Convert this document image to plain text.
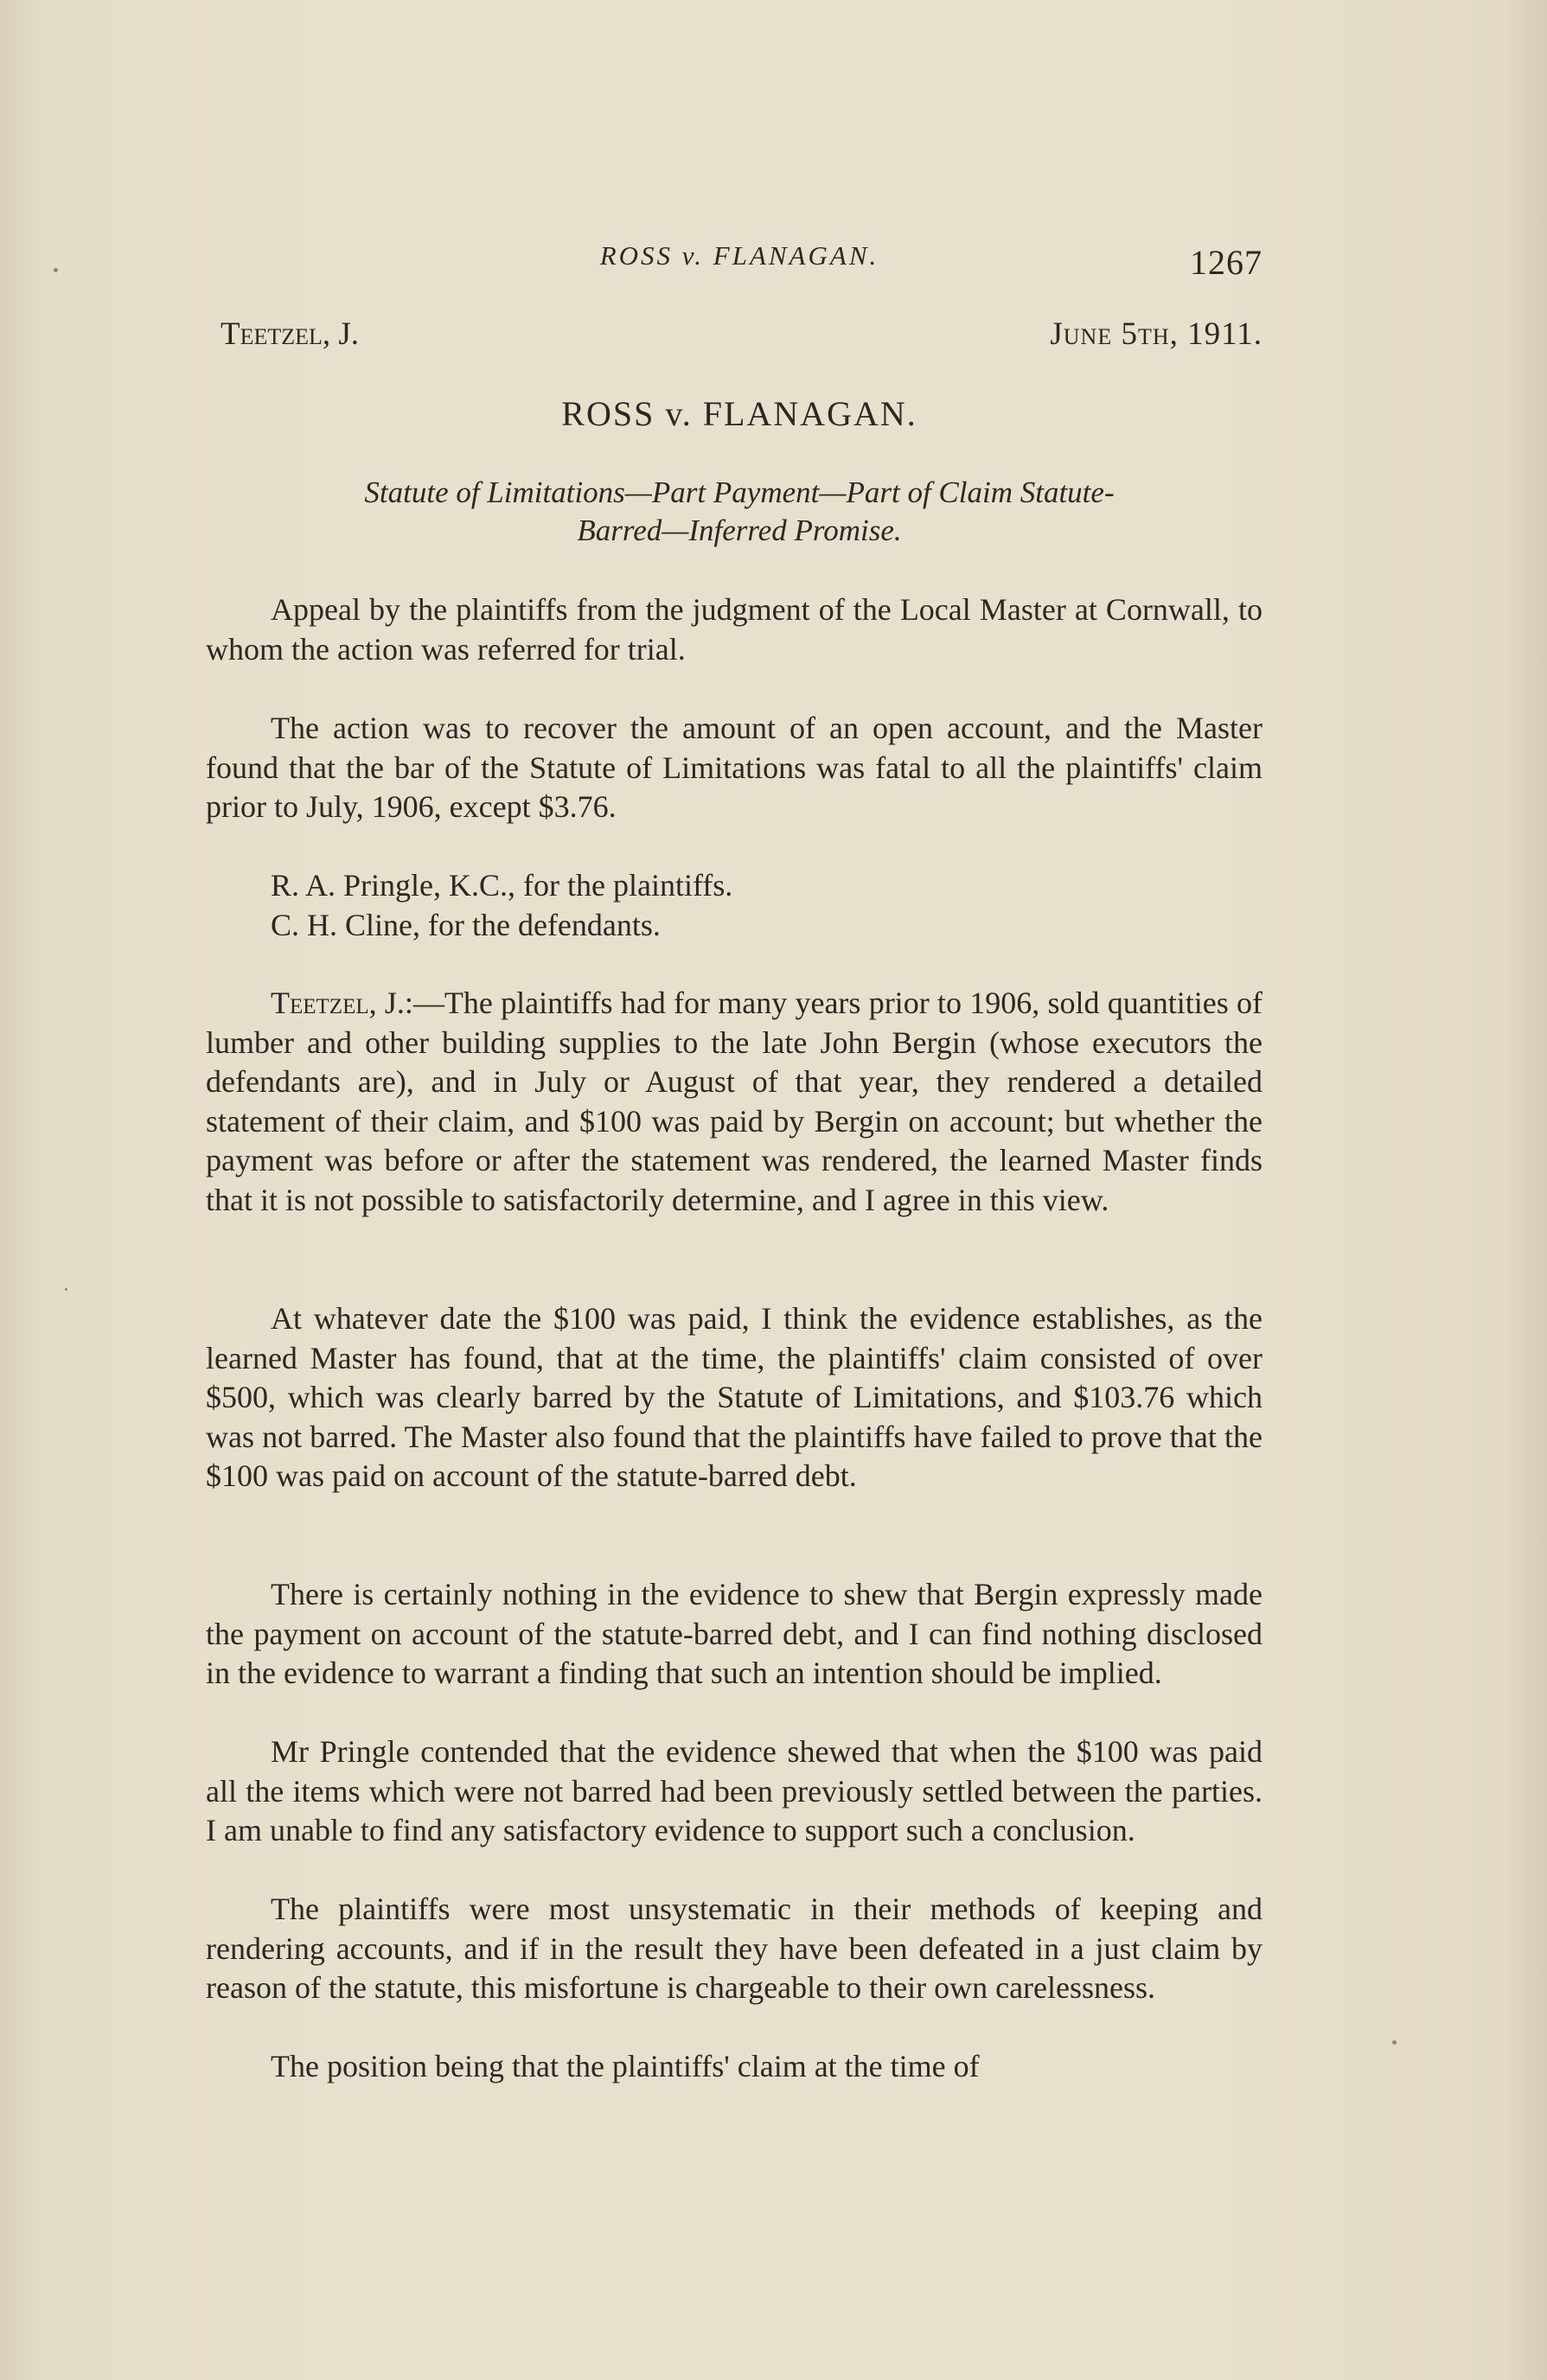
ROSS v. FLANAGAN.	1267
Teetzel, J.	June 5th, 1911.
ROSS v. FLANAGAN.
Statute of Limitations—Part Payment—Part of Claim Statute-
Barred—Inferred Promise.

Appeal by the plaintiffs from the judgment of the Local Master at Cornwall, to whom the action was referred for trial.

The action was to recover the amount of an open account, and the Master found that the bar of the Statute of Limitations was fatal to all the plaintiffs' claim prior to July, 1906, except $3.76.

R. A. Pringle, K.C., for the plaintiffs.

C. H. Cline, for the defendants.

Teetzel, J.:—The plaintiffs had for many years prior to 1906, sold quantities of lumber and other building supplies to the late John Bergin (whose executors the defendants are), and in July or August of that year, they rendered a detailed statement of their claim, and $100 was paid by Bergin on account; but whether the payment was before or after the statement was rendered, the learned Master finds that it is not possible to satisfactorily determine, and I agree in this view.

At whatever date the $100 was paid, I think the evidence establishes, as the learned Master has found, that at the time, the plaintiffs' claim consisted of over $500, which was clearly barred by the Statute of Limitations, and $103.76 which was not barred. The Master also found that the plaintiffs have failed to prove that the $100 was paid on account of the statute-barred debt.

There is certainly nothing in the evidence to shew that Bergin expressly made the payment on account of the statute-barred debt, and I can find nothing disclosed in the evidence to warrant a finding that such an intention should be implied.

Mr Pringle contended that the evidence shewed that when the $100 was paid all the items which were not barred had been previously settled between the parties. I am unable to find any satisfactory evidence to support such a conclusion.

The plaintiffs were most unsystematic in their methods of keeping and rendering accounts, and if in the result they have been defeated in a just claim by reason of the statute, this misfortune is chargeable to their own carelessness.

The position being that the plaintiffs' claim at the time of
